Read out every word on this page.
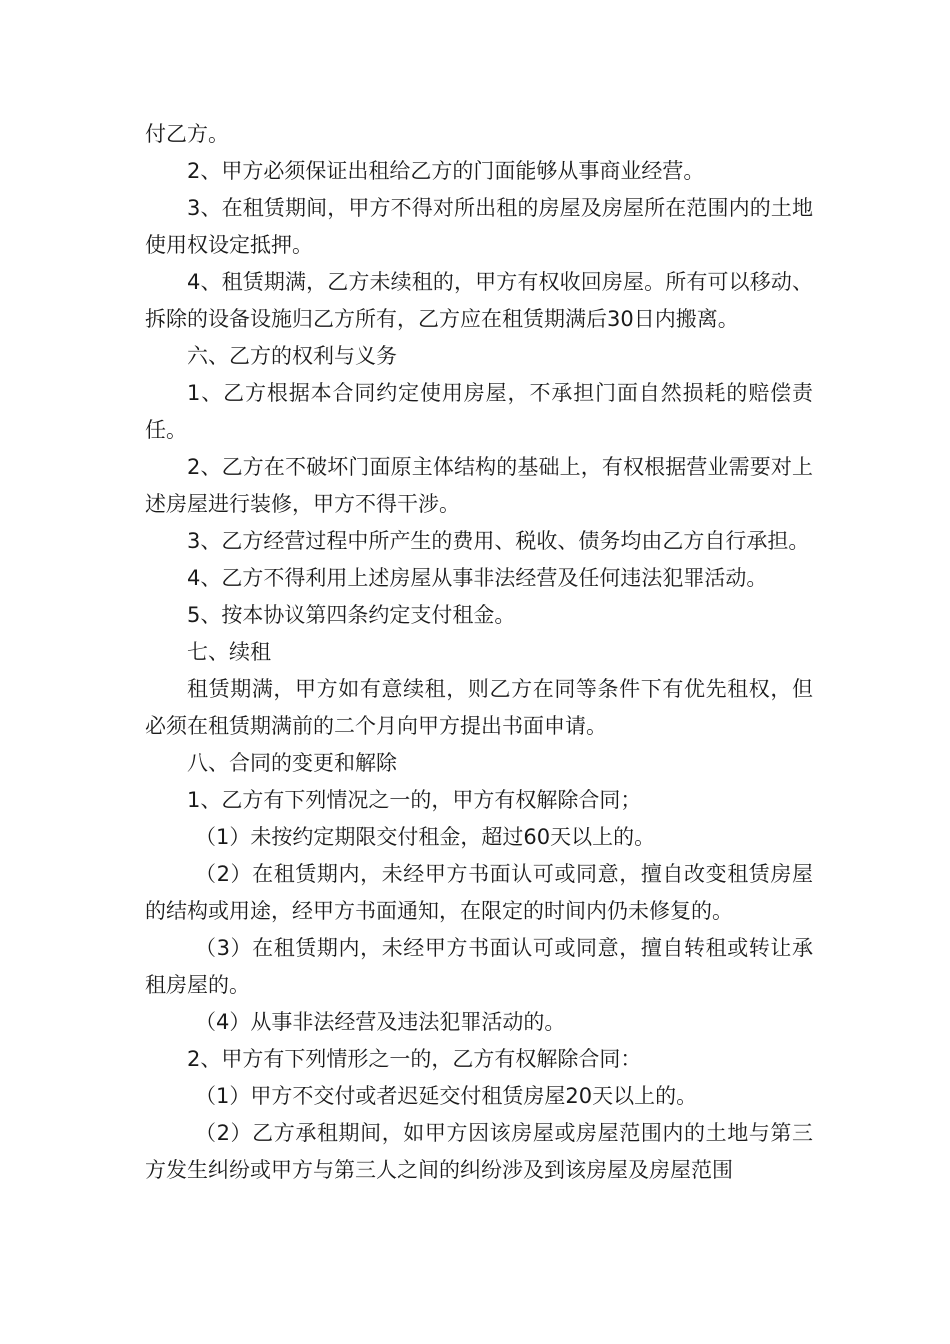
付乙方。

2、甲方必须保证出租给乙方的门面能够从事商业经营。

3、在租赁期间，甲方不得对所出租的房屋及房屋所在范围内的土地使用权设定抵押。

4、租赁期满，乙方未续租的，甲方有权收回房屋。所有可以移动、拆除的设备设施归乙方所有，乙方应在租赁期满后30日内搬离。

六、乙方的权利与义务

1、乙方根据本合同约定使用房屋，不承担门面自然损耗的赔偿责任。

2、乙方在不破坏门面原主体结构的基础上，有权根据营业需要对上述房屋进行装修，甲方不得干涉。

3、乙方经营过程中所产生的费用、税收、债务均由乙方自行承担。

4、乙方不得利用上述房屋从事非法经营及任何违法犯罪活动。

5、按本协议第四条约定支付租金。

七、续租

租赁期满，甲方如有意续租，则乙方在同等条件下有优先租权，但必须在租赁期满前的二个月向甲方提出书面申请。

八、合同的变更和解除

1、乙方有下列情况之一的，甲方有权解除合同；

（1）未按约定期限交付租金，超过60天以上的。

（2）在租赁期内，未经甲方书面认可或同意，擅自改变租赁房屋的结构或用途，经甲方书面通知，在限定的时间内仍未修复的。

（3）在租赁期内，未经甲方书面认可或同意，擅自转租或转让承租房屋的。

（4）从事非法经营及违法犯罪活动的。

2、甲方有下列情形之一的，乙方有权解除合同：

（1）甲方不交付或者迟延交付租赁房屋20天以上的。

（2）乙方承租期间，如甲方因该房屋或房屋范围内的土地与第三方发生纠纷或甲方与第三人之间的纠纷涉及到该房屋及房屋范围
